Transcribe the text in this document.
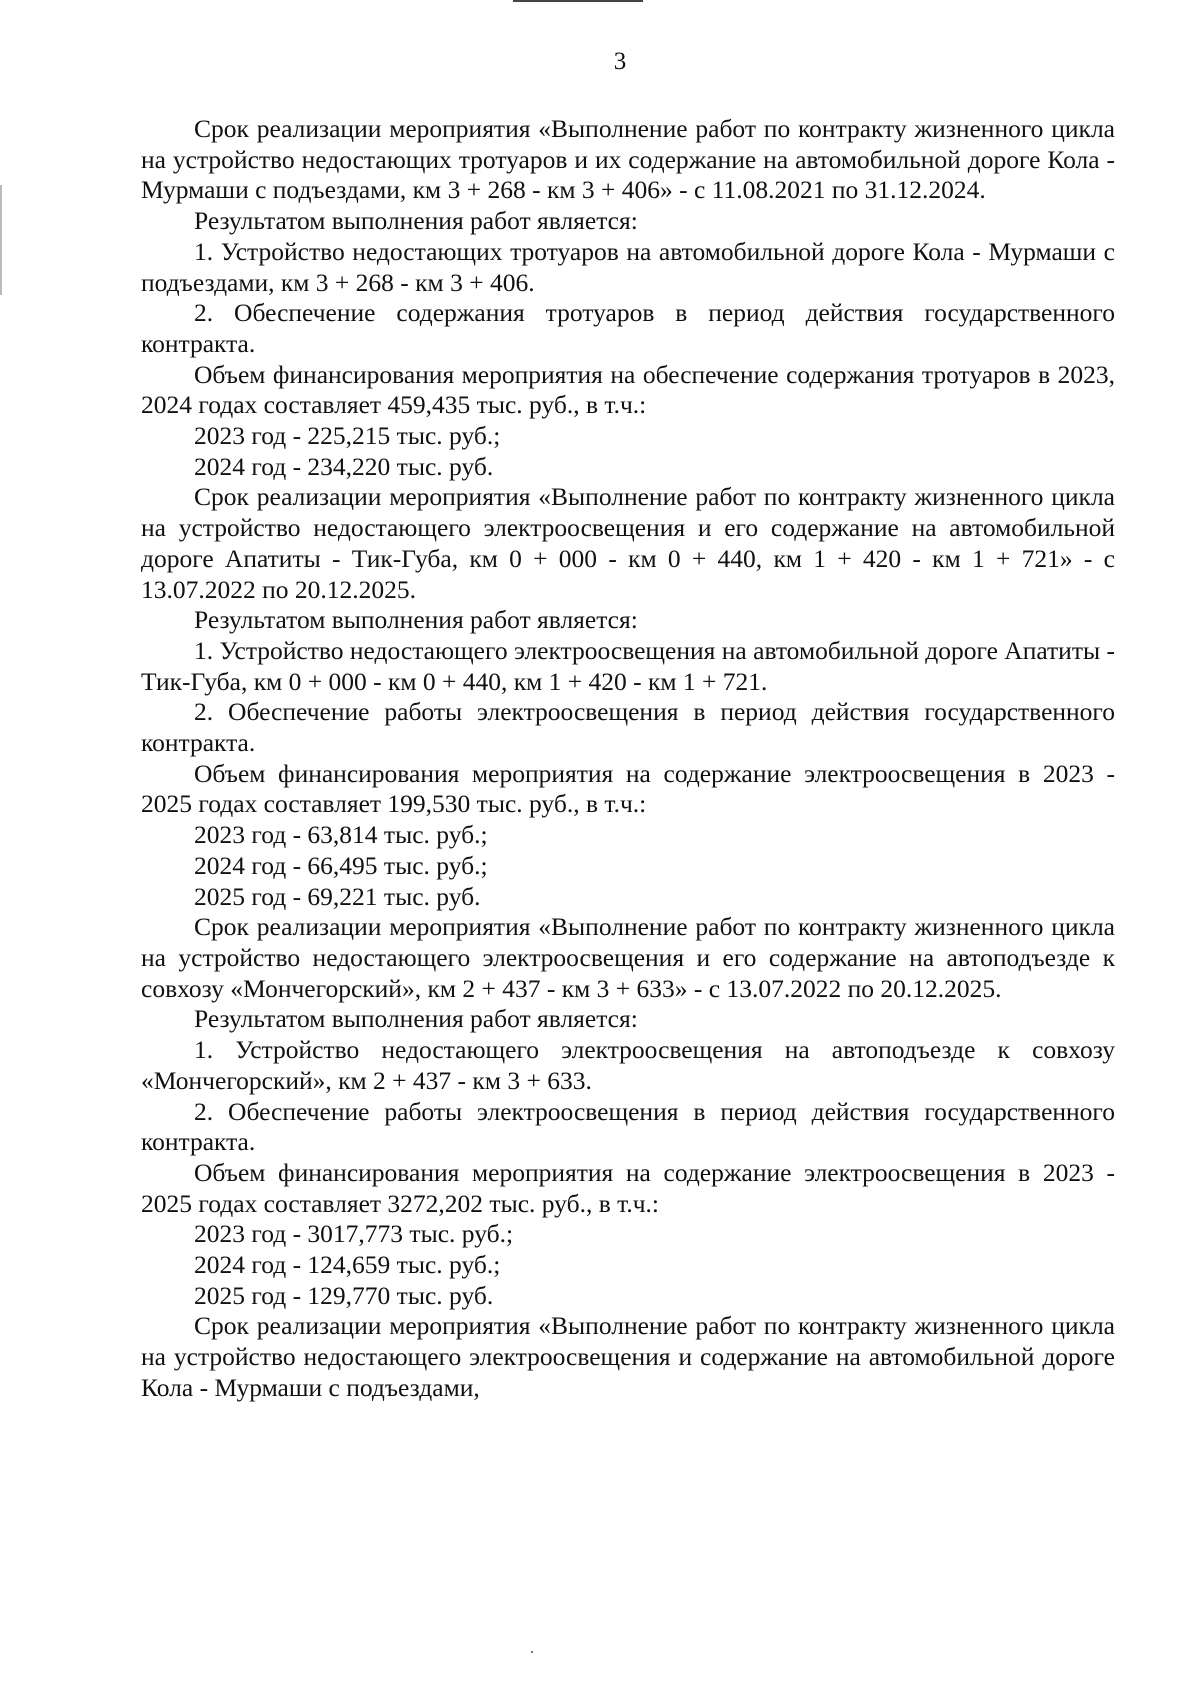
3

Срок реализации мероприятия «Выполнение работ по контракту жизненного цикла на устройство недостающих тротуаров и их содержание на автомобильной дороге Кола - Мурмаши с подъездами, км 3 + 268 - км 3 + 406» - с 11.08.2021 по 31.12.2024.

Результатом выполнения работ является:

1. Устройство недостающих тротуаров на автомобильной дороге Кола - Мурмаши с подъездами, км 3 + 268 - км 3 + 406.

2. Обеспечение содержания тротуаров в период действия государственного контракта.

Объем финансирования мероприятия на обеспечение содержания тротуаров в 2023, 2024 годах составляет 459,435 тыс. руб., в т.ч.:

2023 год - 225,215 тыс. руб.;

2024 год - 234,220 тыс. руб.

Срок реализации мероприятия «Выполнение работ по контракту жизненного цикла на устройство недостающего электроосвещения и его содержание на автомобильной дороге Апатиты - Тик-Губа, км 0 + 000 - км 0 + 440, км 1 + 420 - км 1 + 721» - с 13.07.2022 по 20.12.2025.

Результатом выполнения работ является:

1. Устройство недостающего электроосвещения на автомобильной дороге Апатиты - Тик-Губа, км 0 + 000 - км 0 + 440, км 1 + 420 - км 1 + 721.

2. Обеспечение работы электроосвещения в период действия государственного контракта.

Объем финансирования мероприятия на содержание электроосвещения в 2023 - 2025 годах составляет 199,530 тыс. руб., в т.ч.:

2023 год - 63,814 тыс. руб.;

2024 год - 66,495 тыс. руб.;

2025 год - 69,221 тыс. руб.

Срок реализации мероприятия «Выполнение работ по контракту жизненного цикла на устройство недостающего электроосвещения и его содержание на автоподъезде к совхозу «Мончегорский», км 2 + 437 - км 3 + 633» - с 13.07.2022 по 20.12.2025.

Результатом выполнения работ является:

1. Устройство недостающего электроосвещения на автоподъезде к совхозу «Мончегорский», км 2 + 437 - км 3 + 633.

2. Обеспечение работы электроосвещения в период действия государственного контракта.

Объем финансирования мероприятия на содержание электроосвещения в 2023 - 2025 годах составляет 3272,202 тыс. руб., в т.ч.:

2023 год - 3017,773 тыс. руб.;

2024 год - 124,659 тыс. руб.;

2025 год - 129,770 тыс. руб.

Срок реализации мероприятия «Выполнение работ по контракту жизненного цикла на устройство недостающего электроосвещения и содержание на автомобильной дороге Кола - Мурмаши с подъездами,
